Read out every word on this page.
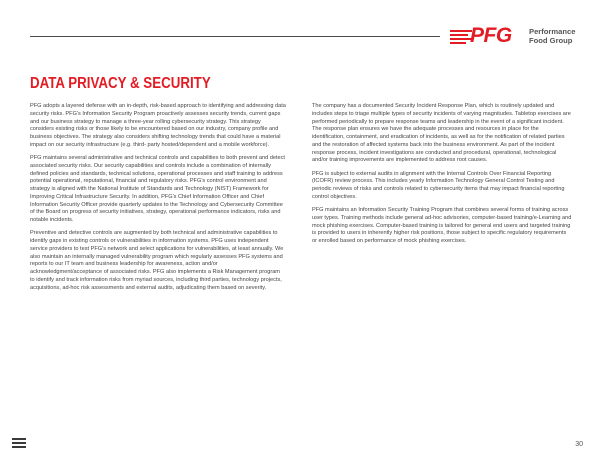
PFG Performance
Food Group
DATA PRIVACY & SECURITY

PFG adopts a layered defense with an in-depth, risk-based approach to identifying and addressing data security risks. PFG's Information Security Program proactively assesses security trends, current gaps and our business strategy to manage a three-year rolling cybersecurity strategy. This strategy considers existing risks or those likely to be encountered based on our industry, company profile and business objectives. The strategy also considers shifting technology trends that could have a material impact on our security infrastructure (e.g. third- party hosted/dependent and a mobile workforce).

PFG maintains several administrative and technical controls and capabilities to both prevent and detect associated security risks. Our security capabilities and controls include a combination of internally defined policies and standards, technical solutions, operational processes and staff training to address potential operational, reputational, financial and regulatory risks. PFG's control environment and strategy is aligned with the National Institute of Standards and Technology (NIST) Framework for Improving Critical Infrastructure Security. In addition, PFG's Chief Information Officer and Chief Information Security Officer provide quarterly updates to the Technology and Cybersecurity Committee of the Board on progress of security initiatives, strategy, operational performance indicators, risks and notable incidents.

Preventive and detective controls are augmented by both technical and administrative capabilities to identify gaps in existing controls or vulnerabilities in information systems. PFG uses independent service providers to test PFG's network and select applications for vulnerabilities, at least annually. We also maintain an internally managed vulnerability program which regularly assesses PFG systems and reports to our IT team and business leadership for awareness, action and/or acknowledgment/acceptance of associated risks. PFG also implements a Risk Management program to identify and track information risks from myriad sources, including third parties, technology projects, acquisitions, ad-hoc risk assessments and external audits, adjudicating them based on severity.

The company has a documented Security Incident Response Plan, which is routinely updated and includes steps to triage multiple types of security incidents of varying magnitudes. Tabletop exercises are performed periodically to prepare response teams and leadership in the event of a significant incident. The response plan ensures we have the adequate processes and resources in place for the identification, containment, and eradication of incidents, as well as for the notification of related parties and the restoration of affected systems back into the business environment. As part of the incident response process, incident investigations are conducted and procedural, operational, technological and/or training improvements are implemented to address root causes.

PFG is subject to external audits in alignment with the Internal Controls Over Financial Reporting (ICOFR) review process. This includes yearly Information Technology General Control Testing and periodic reviews of risks and controls related to cybersecurity items that may impact financial reporting control objectives.

PFG maintains an Information Security Training Program that combines several forms of training across user types. Training methods include general ad-hoc advisories, computer-based training/e-Learning and mock phishing exercises. Computer-based training is tailored for general end users and targeted training is provided to users in inherently higher risk positions, those subject to specific regulatory requirements or enrolled based on performance of mock phishing exercises.

30
